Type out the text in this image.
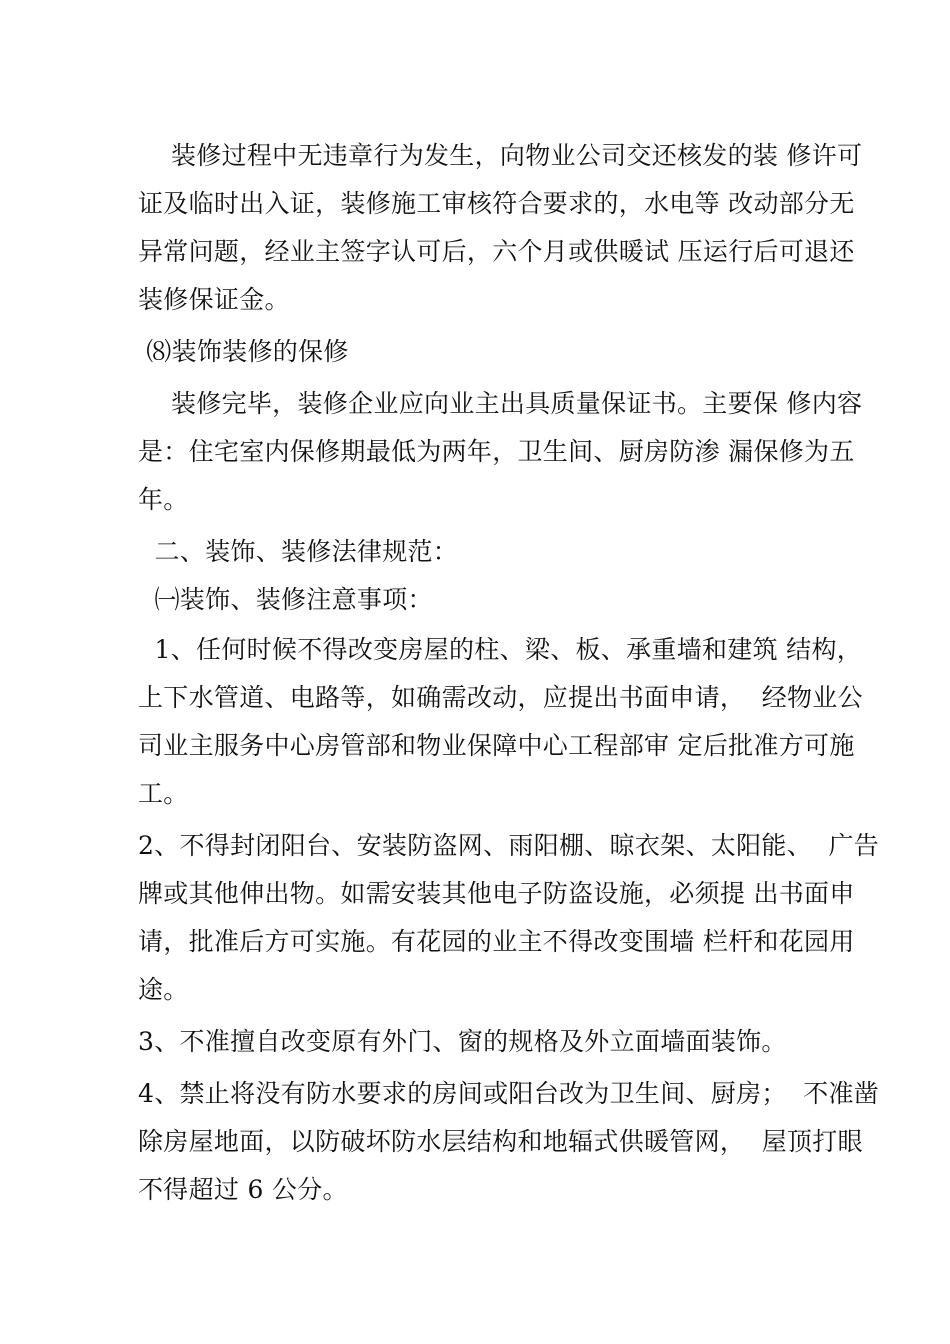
装修过程中无违章行为发生，向物业公司交还核发的装 修许可
证及临时出入证，装修施工审核符合要求的，水电等 改动部分无
异常问题，经业主签字认可后，六个月或供暖试 压运行后可退还
装修保证金。
⑻装饰装修的保修
装修完毕，装修企业应向业主出具质量保证书。主要保 修内容
是：住宅室内保修期最低为两年，卫生间、厨房防渗 漏保修为五
年。
二、装饰、装修法律规范：
㈠装饰、装修注意事项：
1、任何时候不得改变房屋的柱、梁、板、承重墙和建筑 结构，
上下水管道、电路等，如确需改动，应提出书面申请，  经物业公
司业主服务中心房管部和物业保障中心工程部审 定后批准方可施
工。
2、不得封闭阳台、安装防盗网、雨阳棚、晾衣架、太阳能、  广告
牌或其他伸出物。如需安装其他电子防盗设施，必须提 出书面申
请，批准后方可实施。有花园的业主不得改变围墙 栏杆和花园用
途。
3、不准擅自改变原有外门、窗的规格及外立面墙面装饰。
4、禁止将没有防水要求的房间或阳台改为卫生间、厨房；  不准凿
除房屋地面，以防破坏防水层结构和地辐式供暖管网，  屋顶打眼
不得超过 6 公分。
